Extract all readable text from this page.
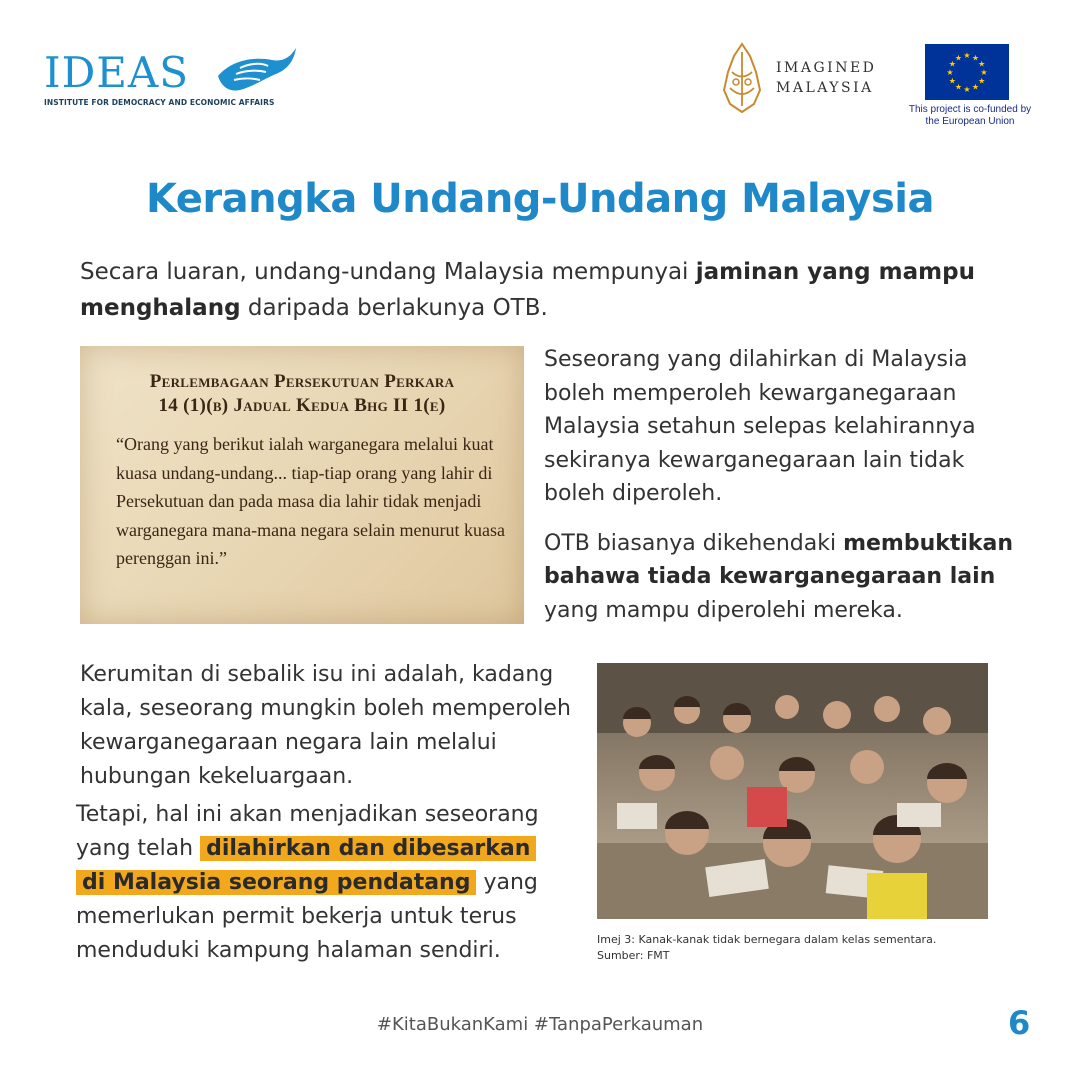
IDEAS
INSTITUTE FOR DEMOCRACY AND ECONOMIC AFFAIRS
IMAGINED
MALAYSIA
★ ★
★
★
★
★
★
★
★
★
★
★
This project is co-funded by
the European Union
Kerangka Undang-Undang Malaysia
Secara luaran, undang-undang Malaysia mempunyai jaminan yang mampu menghalang daripada berlakunya OTB.
Perlembagaan Persekutuan Perkara
14 (1)(b) Jadual Kedua Bhg II 1(e)
“Orang yang berikut ialah warganegara melalui kuat kuasa undang-undang... tiap-tiap orang yang lahir di Persekutuan dan pada masa dia lahir tidak menjadi warganegara mana-mana negara selain menurut kuasa perenggan ini.”

Seseorang yang dilahirkan di Malaysia boleh memperoleh kewarganegaraan Malaysia setahun selepas kelahirannya sekiranya kewarganegaraan lain tidak boleh diperoleh.

OTB biasanya dikehendaki membuktikan bahawa tiada kewarganegaraan lain yang mampu diperolehi mereka.

Kerumitan di sebalik isu ini adalah, kadang kala, seseorang mungkin boleh memperoleh kewarganegaraan negara lain melalui hubungan kekeluargaan.
Tetapi, hal ini akan menjadikan seseorang yang telah dilahirkan dan dibesarkan
di Malaysia seorang pendatang yang memerlukan permit bekerja untuk terus menduduki kampung halaman sendiri.	Imej 3: Kanak-kanak tidak bernegara dalam kelas sementara.
Sumber: FMT
#KitaBukanKami #TanpaPerkauman	6
